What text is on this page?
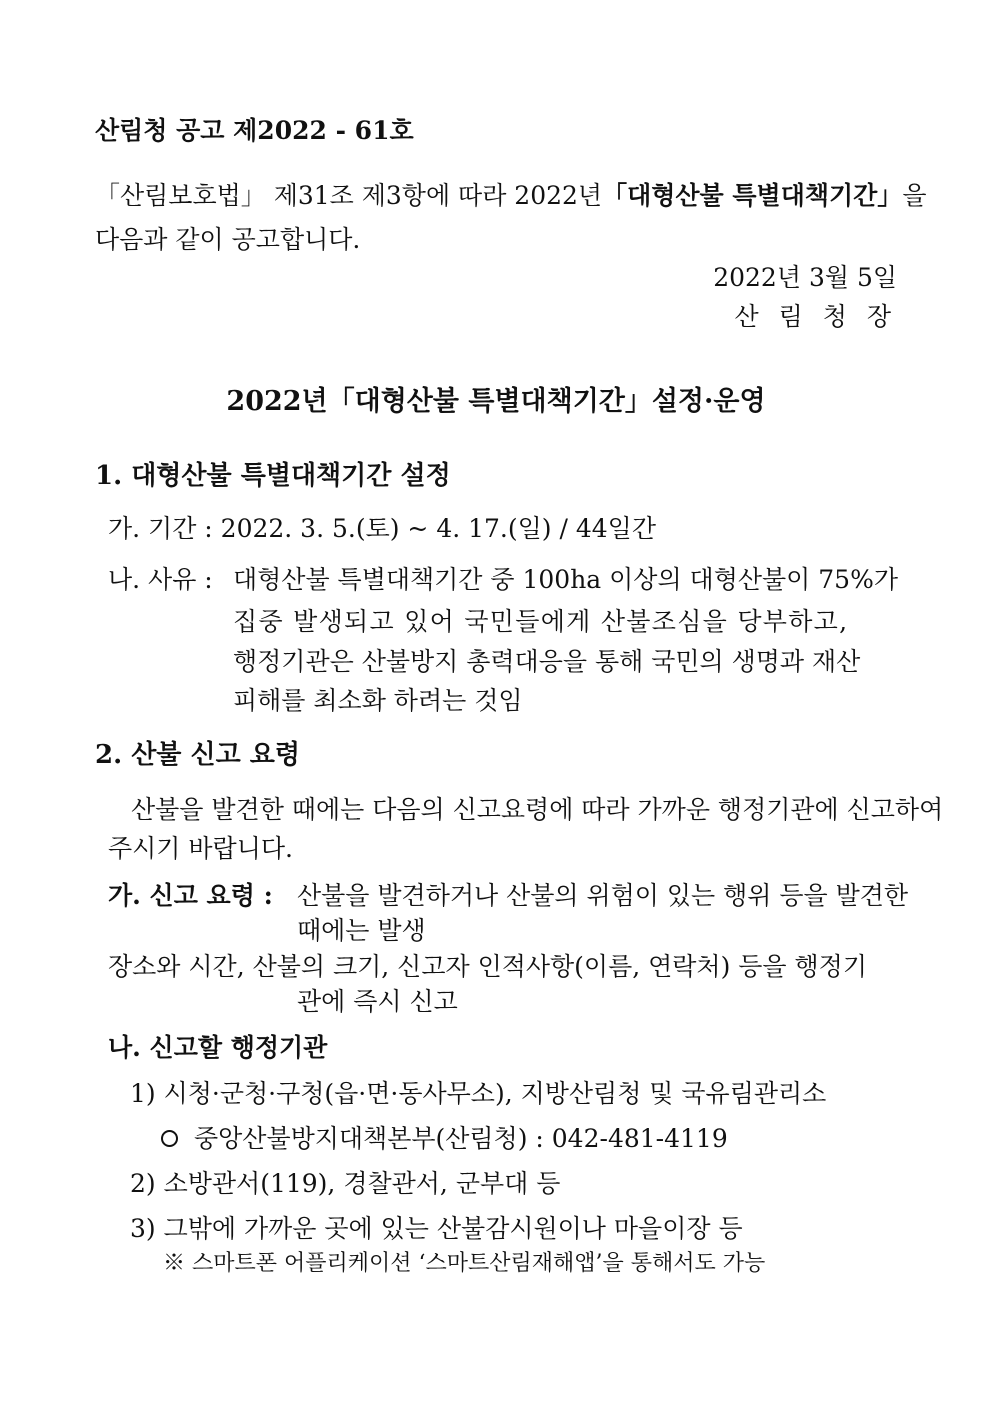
산림청 공고 제2022 - 61호
「산림보호법」 제31조 제3항에 따라 2022년 「대형산불 특별대책기간」을
다음과 같이 공고합니다.
2022년 3월 5일
산 림 청 장
2022년「대형산불 특별대책기간」설정·운영
1. 대형산불 특별대책기간 설정
가. 기간 : 2022. 3. 5.(토) ~ 4. 17.(일) / 44일간
나. 사유 : 대형산불 특별대책기간 중 100ha 이상의 대형산불이 75%가
집중 발생되고 있어 국민들에게 산불조심을 당부하고,
행정기관은 산불방지 총력대응을 통해 국민의 생명과 재산
피해를 최소화 하려는 것임
2. 산불 신고 요령
산불을 발견한 때에는 다음의 신고요령에 따라 가까운 행정기관에 신고하여
주시기 바랍니다.
가. 신고 요령 : 산불을 발견하거나 산불의 위험이 있는 행위 등을 발견한
때에는 발생
장소와 시간, 산불의 크기, 신고자 인적사항(이름, 연락처) 등을 행정기
관에 즉시 신고
나. 신고할 행정기관
1) 시청·군청·구청(읍·면·동사무소), 지방산림청 및 국유림관리소
중앙산불방지대책본부(산림청) : 042-481-4119
2) 소방관서(119), 경찰관서, 군부대 등
3) 그밖에 가까운 곳에 있는 산불감시원이나 마을이장 등
※ 스마트폰 어플리케이션 ‘스마트산림재해앱’을 통해서도 가능
